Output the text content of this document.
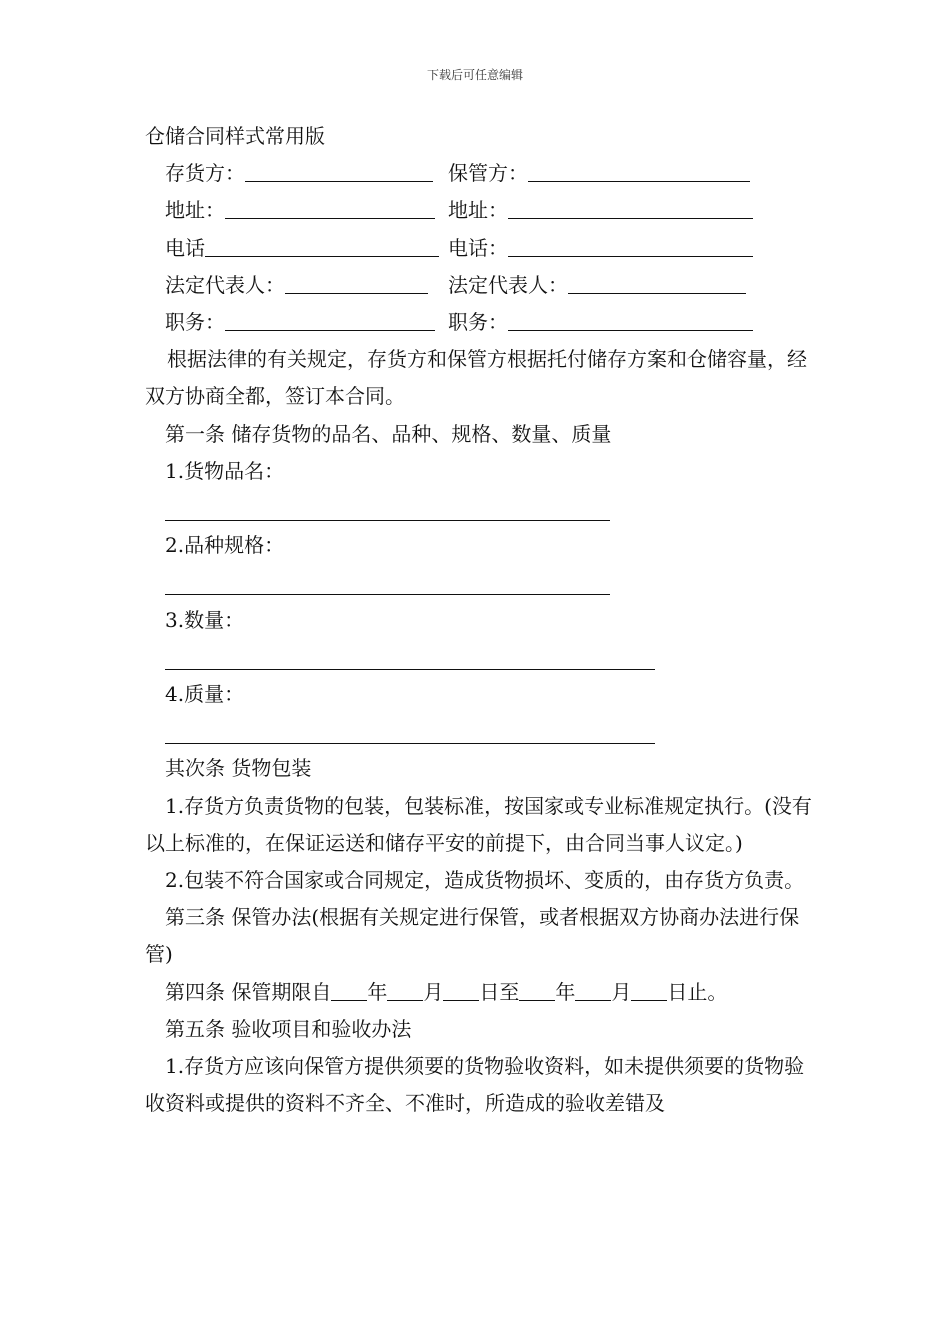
下载后可任意编辑
仓储合同样式常用版
存货方：	保管方：
地址：	地址：
电话	电话：
法定代表人：	法定代表人：
职务：	职务：
根据法律的有关规定，存货方和保管方根据托付储存方案和仓储容量，经双方协商全都，签订本合同。
第一条 储存货物的品名、品种、规格、数量、质量
1.货物品名：
2.品种规格：
3.数量：
4.质量：
其次条 货物包装
1.存货方负责货物的包装，包装标准，按国家或专业标准规定执行。(没有以上标准的，在保证运送和储存平安的前提下，由合同当事人议定。)
2.包装不符合国家或合同规定，造成货物损坏、变质的，由存货方负责。
第三条 保管办法(根据有关规定进行保管，或者根据双方协商办法进行保管)
第四条 保管期限自 年 月 日至 年 月 日止。
第五条 验收项目和验收办法
1.存货方应该向保管方提供须要的货物验收资料，如未提供须要的货物验收资料或提供的资料不齐全、不准时，所造成的验收差错及
